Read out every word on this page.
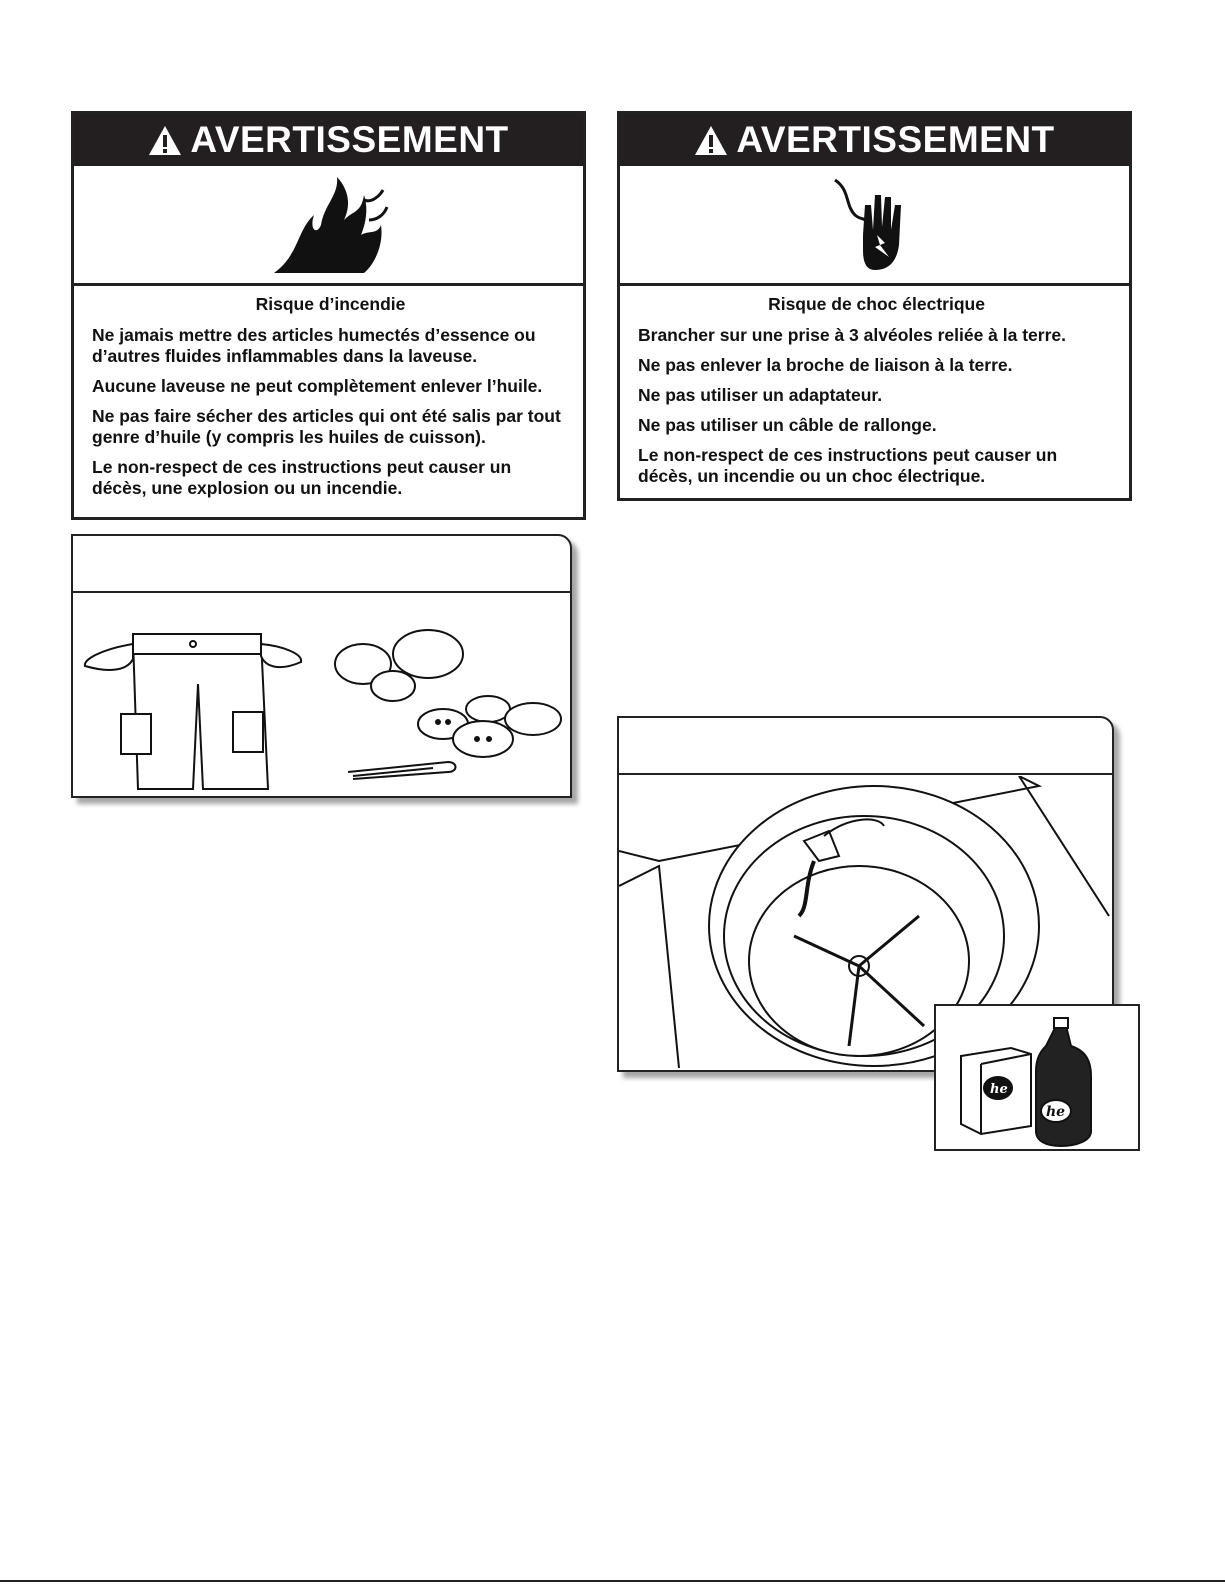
AVERTISSEMENT
Risque d’incendie

Ne jamais mettre des articles humectés d’essence ou d’autres fluides inflammables dans la laveuse.

Aucune laveuse ne peut complètement enlever l’huile.

Ne pas faire sécher des articles qui ont été salis par tout genre d’huile (y compris les huiles de cuisson).

Le non-respect de ces instructions peut causer un décès, une explosion ou un incendie.

AVERTISSEMENT
Risque de choc électrique

Brancher sur une prise à 3 alvéoles reliée à la terre.

Ne pas enlever la broche de liaison à la terre.

Ne pas utiliser un adaptateur.

Ne pas utiliser un câble de rallonge.

Le non-respect de ces instructions peut causer un décès, un incendie ou un choc électrique.

he
he
